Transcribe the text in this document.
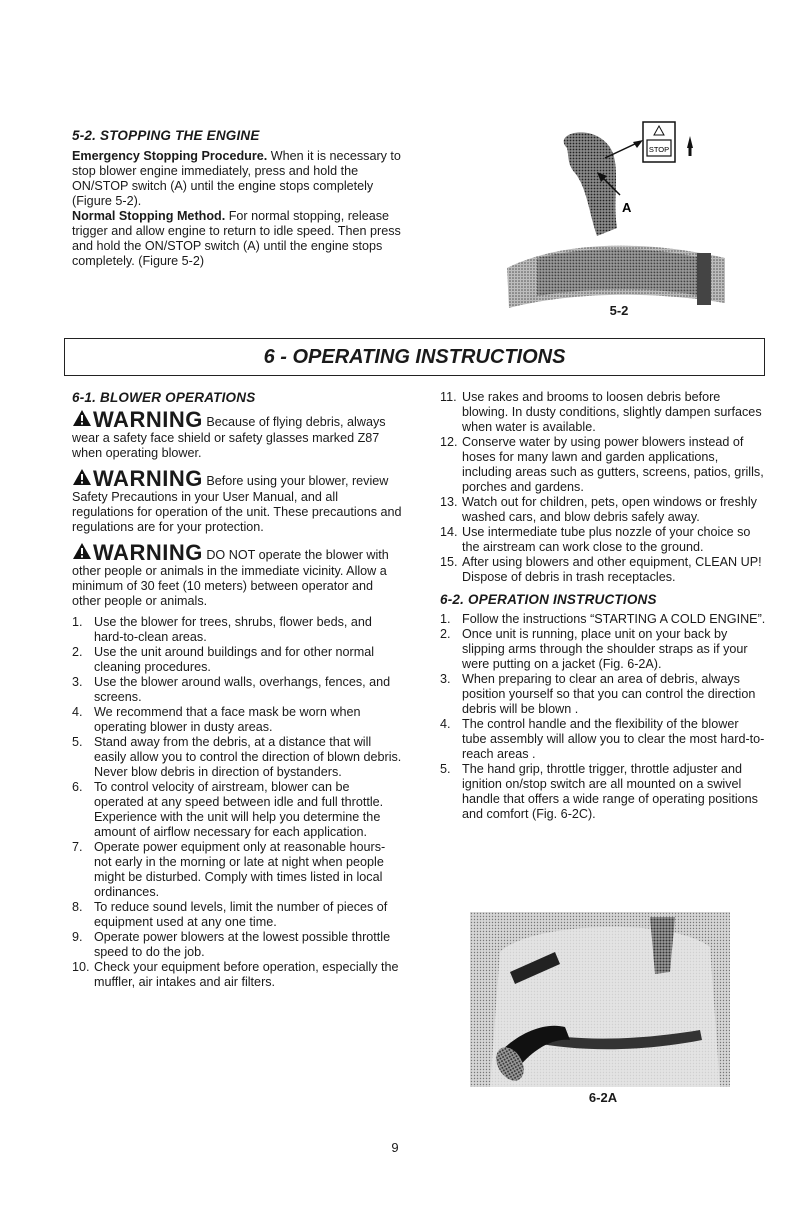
5-2. STOPPING THE ENGINE

Emergency Stopping Procedure. When it is necessary to stop blower engine immediately, press and hold the ON/STOP switch (A) until the engine stops completely (Figure 5-2).

Normal Stopping Method. For normal stopping, release trigger and allow engine to return to idle speed. Then press and hold the ON/STOP switch (A) until the engine stops completely. (Figure 5-2)

A
STOP
5-2
6 - OPERATING INSTRUCTIONS

6-1. BLOWER OPERATIONS

WARNING Because of flying debris, always wear a safety face shield or safety glasses marked Z87 when operating blower.

WARNING Before using your blower, review Safety Precautions in your User Manual, and all regulations for operation of the unit. These precautions and regulations are for your protection.

WARNING DO NOT operate the blower with other people or animals in the immediate vicinity. Allow a minimum of 30 feet (10 meters) between operator and other people or animals.

1. Use the blower for trees, shrubs, flower beds, and hard-to-clean areas.
2. Use the unit around buildings and for other normal cleaning procedures.
3. Use the blower around walls, overhangs, fences, and screens.
4. We recommend that a face mask be worn when operating blower in dusty areas.
5. Stand away from the debris, at a distance that will easily allow you to control the direction of blown debris. Never blow debris in direction of bystanders.
6. To control velocity of airstream, blower can be operated at any speed between idle and full throttle. Experience with the unit will help you determine the amount of airflow necessary for each application.
7. Operate power equipment only at reasonable hours-not early in the morning or late at night when people might be disturbed. Comply with times listed in local ordinances.
8. To reduce sound levels, limit the number of pieces of equipment used at any one time.
9. Operate power blowers at the lowest possible throttle speed to do the job.
10. Check your equipment before operation, especially the muffler, air intakes and air filters.
11. Use rakes and brooms to loosen debris before blowing. In dusty conditions, slightly dampen surfaces when water is available.
12. Conserve water by using power blowers instead of hoses for many lawn and garden applications, including areas such as gutters, screens, patios, grills, porches and gardens.
13. Watch out for children, pets, open windows or freshly washed cars, and blow debris safely away.
14. Use intermediate tube plus nozzle of your choice so the airstream can work close to the ground.
15. After using blowers and other equipment, CLEAN UP! Dispose of debris in trash receptacles.

6-2. OPERATION INSTRUCTIONS

1. Follow the instructions “STARTING A COLD ENGINE”.
2. Once unit is running, place unit on your back by slipping arms through the shoulder straps as if your were putting on a jacket (Fig. 6-2A).
3. When preparing to clear an area of debris, always position yourself so that you can control the direction debris will be blown .
4. The control handle and the flexibility of the blower tube assembly will allow you to clear the most hard-to-reach areas .
5. The hand grip, throttle trigger, throttle adjuster and ignition on/stop switch are all mounted on a swivel handle that offers a wide range of operating positions and comfort (Fig. 6-2C).
6-2A
9
